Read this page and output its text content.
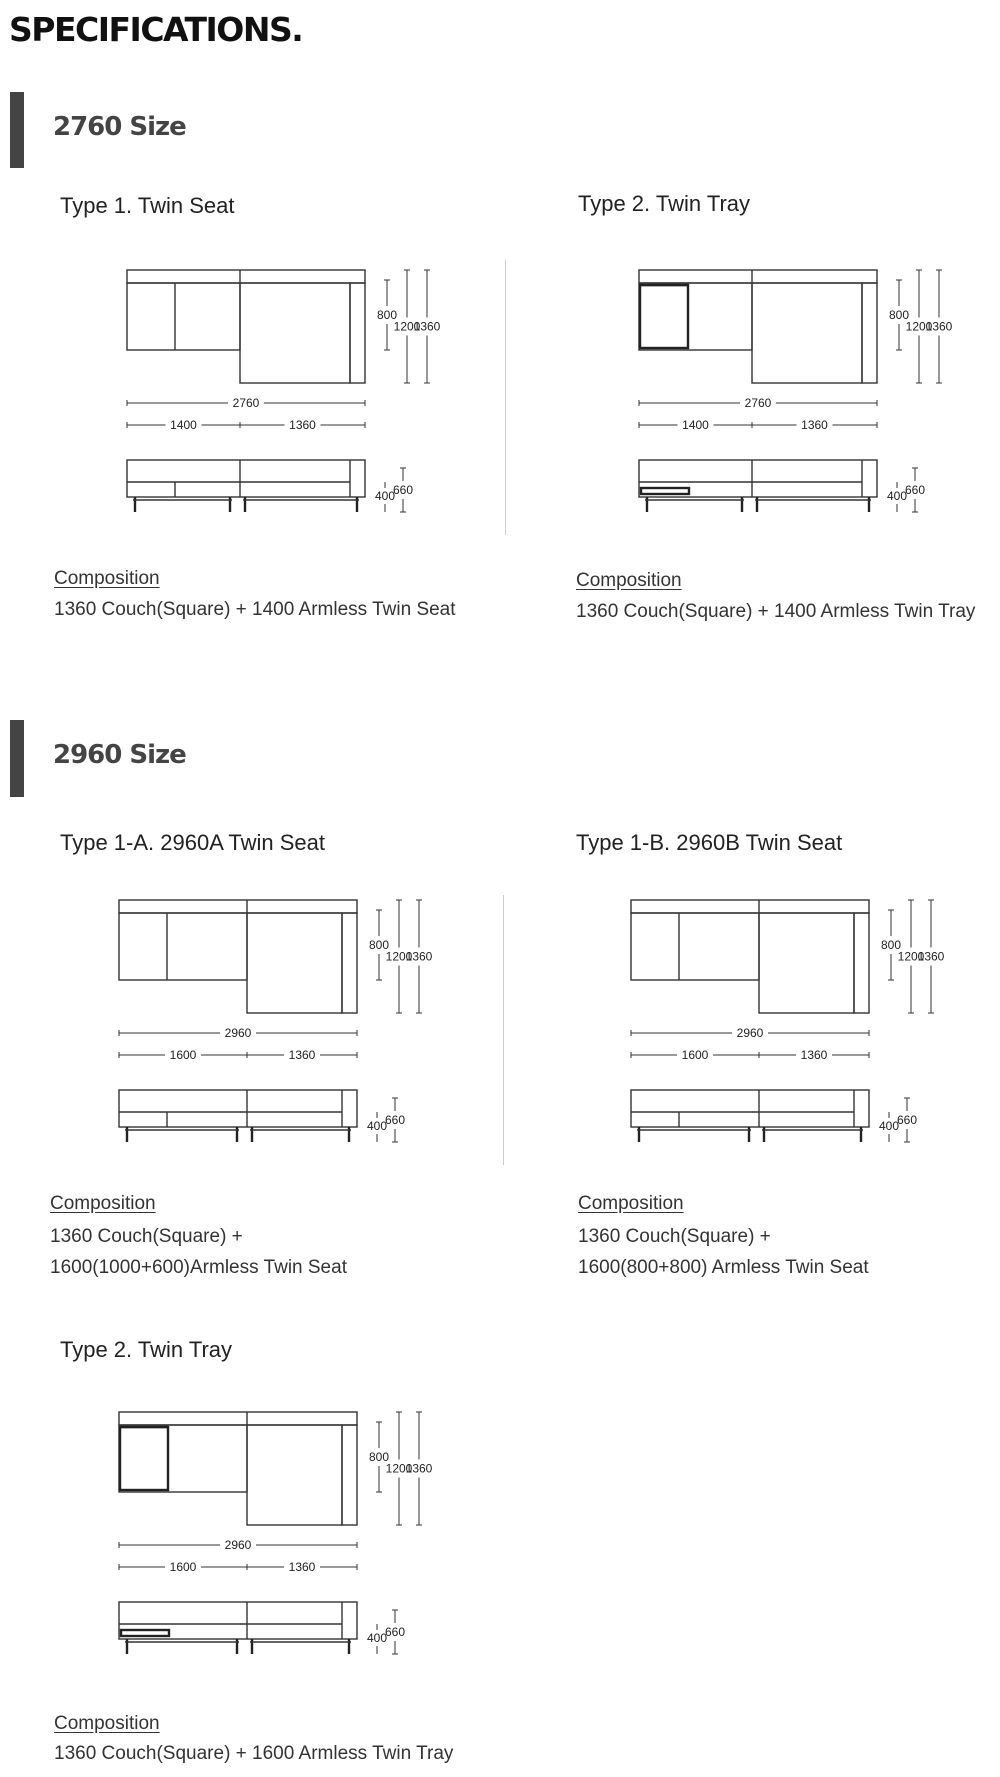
SPECIFICATIONS.
2760 Size
Type 1. Twin Seat	Type 2. Twin Tray
800
1200
1360
2760
1400	1360
660
400
800
1200
1360
2760
1400	1360
660
400
Composition
1360 Couch(Square) + 1400 Armless Twin Seat
Composition
1360 Couch(Square) + 1400 Armless Twin Tray
2960 Size
Type 1-A. 2960A Twin Seat	Type 1-B. 2960B Twin Seat
800
1200
1360
2960
1600	1360
660
400
800
1200
1360
2960
1600	1360
660
400
Composition
1360 Couch(Square) +
1600(1000+600)Armless Twin Seat
Composition
1360 Couch(Square) +
1600(800+800) Armless Twin Seat
Type 2. Twin Tray
800
1200
1360
2960
1600	1360
660
400
Composition
1360 Couch(Square) + 1600 Armless Twin Tray
